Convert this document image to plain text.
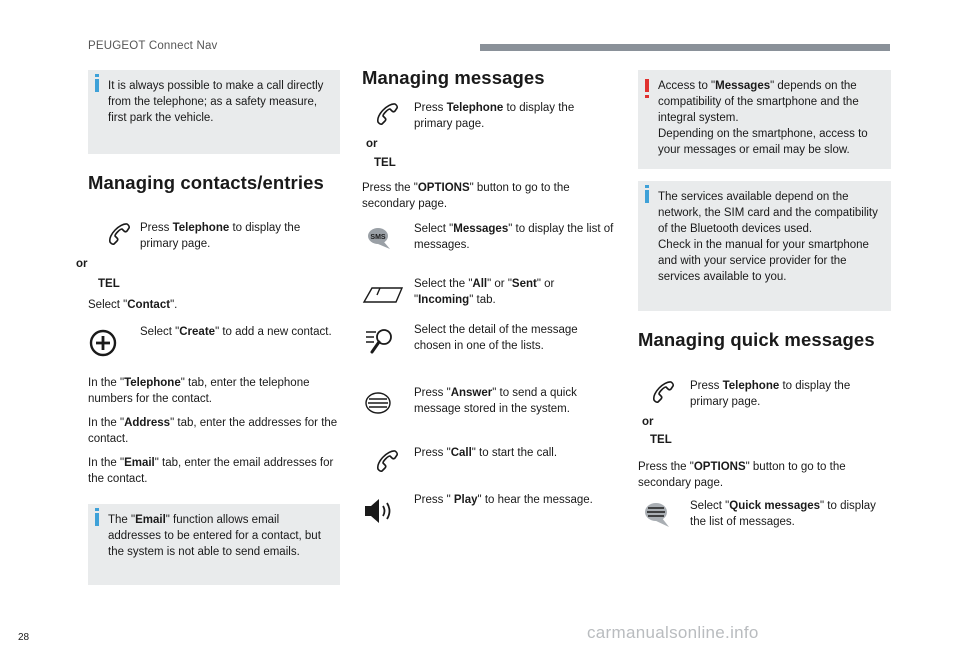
PEUGEOT Connect Nav

It is always possible to make a call directly from the telephone; as a safety measure, first park the vehicle.

Managing contacts/entries

Press Telephone to display the primary page.

or
TEL

Select "Contact".

Select "Create" to add a new contact.

In the "Telephone" tab, enter the telephone numbers for the contact.

In the "Address" tab, enter the addresses for the contact.

In the "Email" tab, enter the email addresses for the contact.

The "Email" function allows email addresses to be entered for a contact, but the system is not able to send emails.

Managing messages

Press Telephone to display the primary page.

or
TEL

Press the "OPTIONS" button to go to the secondary page.

SMS

Select "Messages" to display the list of messages.

Select the "All" or "Sent" or "Incoming" tab.

Select the detail of the message chosen in one of the lists.

Press "Answer" to send a quick message stored in the system.

Press "Call" to start the call.

Press " Play" to hear the message.

Access to "Messages" depends on the compatibility of the smartphone and the integral system.

Depending on the smartphone, access to your messages or email may be slow.

The services available depend on the network, the SIM card and the compatibility of the Bluetooth devices used.

Check in the manual for your smartphone and with your service provider for the services available to you.

Managing quick messages

Press Telephone to display the primary page.

or
TEL

Press the "OPTIONS" button to go to the secondary page.

Select "Quick messages" to display the list of messages.

28	carmanualsonline.info
